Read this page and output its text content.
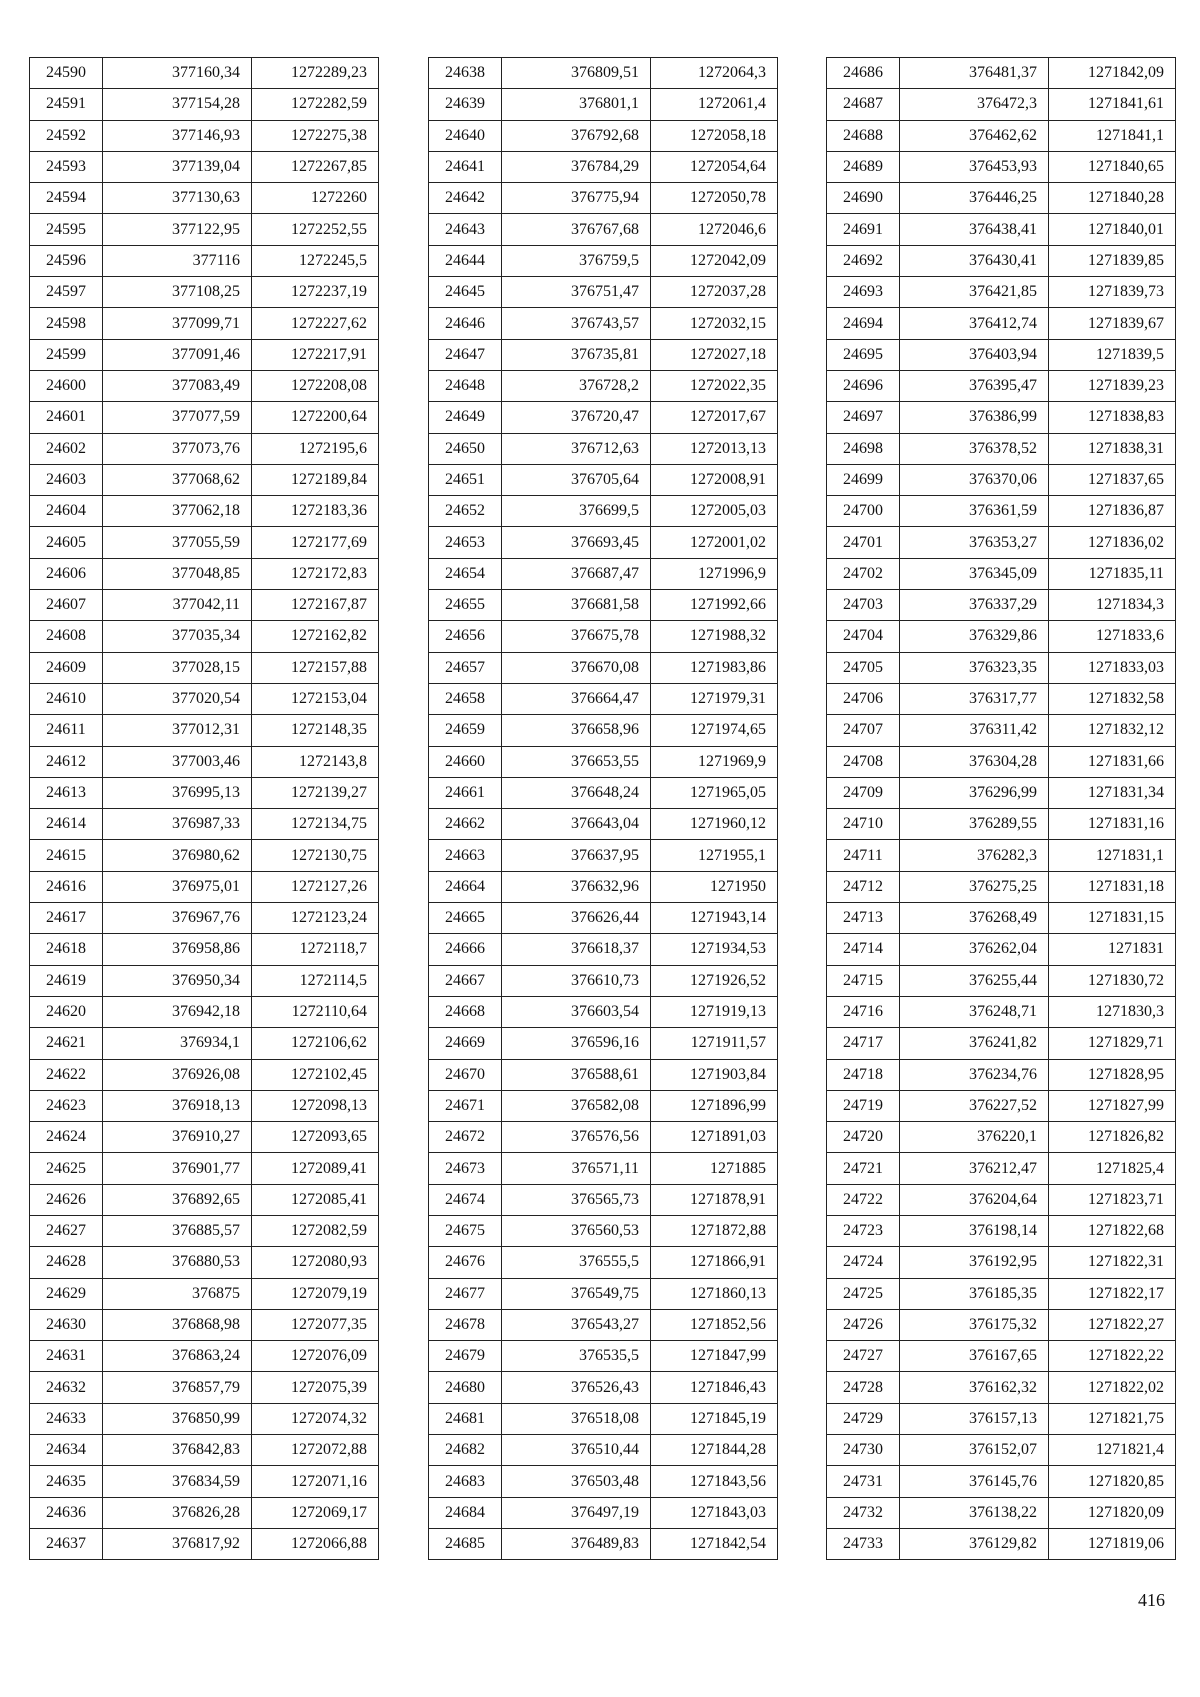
24590	377160,34	1272289,23
24591	377154,28	1272282,59
24592	377146,93	1272275,38
24593	377139,04	1272267,85
24594	377130,63	1272260
24595	377122,95	1272252,55
24596	377116	1272245,5
24597	377108,25	1272237,19
24598	377099,71	1272227,62
24599	377091,46	1272217,91
24600	377083,49	1272208,08
24601	377077,59	1272200,64
24602	377073,76	1272195,6
24603	377068,62	1272189,84
24604	377062,18	1272183,36
24605	377055,59	1272177,69
24606	377048,85	1272172,83
24607	377042,11	1272167,87
24608	377035,34	1272162,82
24609	377028,15	1272157,88
24610	377020,54	1272153,04
24611	377012,31	1272148,35
24612	377003,46	1272143,8
24613	376995,13	1272139,27
24614	376987,33	1272134,75
24615	376980,62	1272130,75
24616	376975,01	1272127,26
24617	376967,76	1272123,24
24618	376958,86	1272118,7
24619	376950,34	1272114,5
24620	376942,18	1272110,64
24621	376934,1	1272106,62
24622	376926,08	1272102,45
24623	376918,13	1272098,13
24624	376910,27	1272093,65
24625	376901,77	1272089,41
24626	376892,65	1272085,41
24627	376885,57	1272082,59
24628	376880,53	1272080,93
24629	376875	1272079,19
24630	376868,98	1272077,35
24631	376863,24	1272076,09
24632	376857,79	1272075,39
24633	376850,99	1272074,32
24634	376842,83	1272072,88
24635	376834,59	1272071,16
24636	376826,28	1272069,17
24637	376817,92	1272066,88
24638	376809,51	1272064,3
24639	376801,1	1272061,4
24640	376792,68	1272058,18
24641	376784,29	1272054,64
24642	376775,94	1272050,78
24643	376767,68	1272046,6
24644	376759,5	1272042,09
24645	376751,47	1272037,28
24646	376743,57	1272032,15
24647	376735,81	1272027,18
24648	376728,2	1272022,35
24649	376720,47	1272017,67
24650	376712,63	1272013,13
24651	376705,64	1272008,91
24652	376699,5	1272005,03
24653	376693,45	1272001,02
24654	376687,47	1271996,9
24655	376681,58	1271992,66
24656	376675,78	1271988,32
24657	376670,08	1271983,86
24658	376664,47	1271979,31
24659	376658,96	1271974,65
24660	376653,55	1271969,9
24661	376648,24	1271965,05
24662	376643,04	1271960,12
24663	376637,95	1271955,1
24664	376632,96	1271950
24665	376626,44	1271943,14
24666	376618,37	1271934,53
24667	376610,73	1271926,52
24668	376603,54	1271919,13
24669	376596,16	1271911,57
24670	376588,61	1271903,84
24671	376582,08	1271896,99
24672	376576,56	1271891,03
24673	376571,11	1271885
24674	376565,73	1271878,91
24675	376560,53	1271872,88
24676	376555,5	1271866,91
24677	376549,75	1271860,13
24678	376543,27	1271852,56
24679	376535,5	1271847,99
24680	376526,43	1271846,43
24681	376518,08	1271845,19
24682	376510,44	1271844,28
24683	376503,48	1271843,56
24684	376497,19	1271843,03
24685	376489,83	1271842,54
24686	376481,37	1271842,09
24687	376472,3	1271841,61
24688	376462,62	1271841,1
24689	376453,93	1271840,65
24690	376446,25	1271840,28
24691	376438,41	1271840,01
24692	376430,41	1271839,85
24693	376421,85	1271839,73
24694	376412,74	1271839,67
24695	376403,94	1271839,5
24696	376395,47	1271839,23
24697	376386,99	1271838,83
24698	376378,52	1271838,31
24699	376370,06	1271837,65
24700	376361,59	1271836,87
24701	376353,27	1271836,02
24702	376345,09	1271835,11
24703	376337,29	1271834,3
24704	376329,86	1271833,6
24705	376323,35	1271833,03
24706	376317,77	1271832,58
24707	376311,42	1271832,12
24708	376304,28	1271831,66
24709	376296,99	1271831,34
24710	376289,55	1271831,16
24711	376282,3	1271831,1
24712	376275,25	1271831,18
24713	376268,49	1271831,15
24714	376262,04	1271831
24715	376255,44	1271830,72
24716	376248,71	1271830,3
24717	376241,82	1271829,71
24718	376234,76	1271828,95
24719	376227,52	1271827,99
24720	376220,1	1271826,82
24721	376212,47	1271825,4
24722	376204,64	1271823,71
24723	376198,14	1271822,68
24724	376192,95	1271822,31
24725	376185,35	1271822,17
24726	376175,32	1271822,27
24727	376167,65	1271822,22
24728	376162,32	1271822,02
24729	376157,13	1271821,75
24730	376152,07	1271821,4
24731	376145,76	1271820,85
24732	376138,22	1271820,09
24733	376129,82	1271819,06
416
